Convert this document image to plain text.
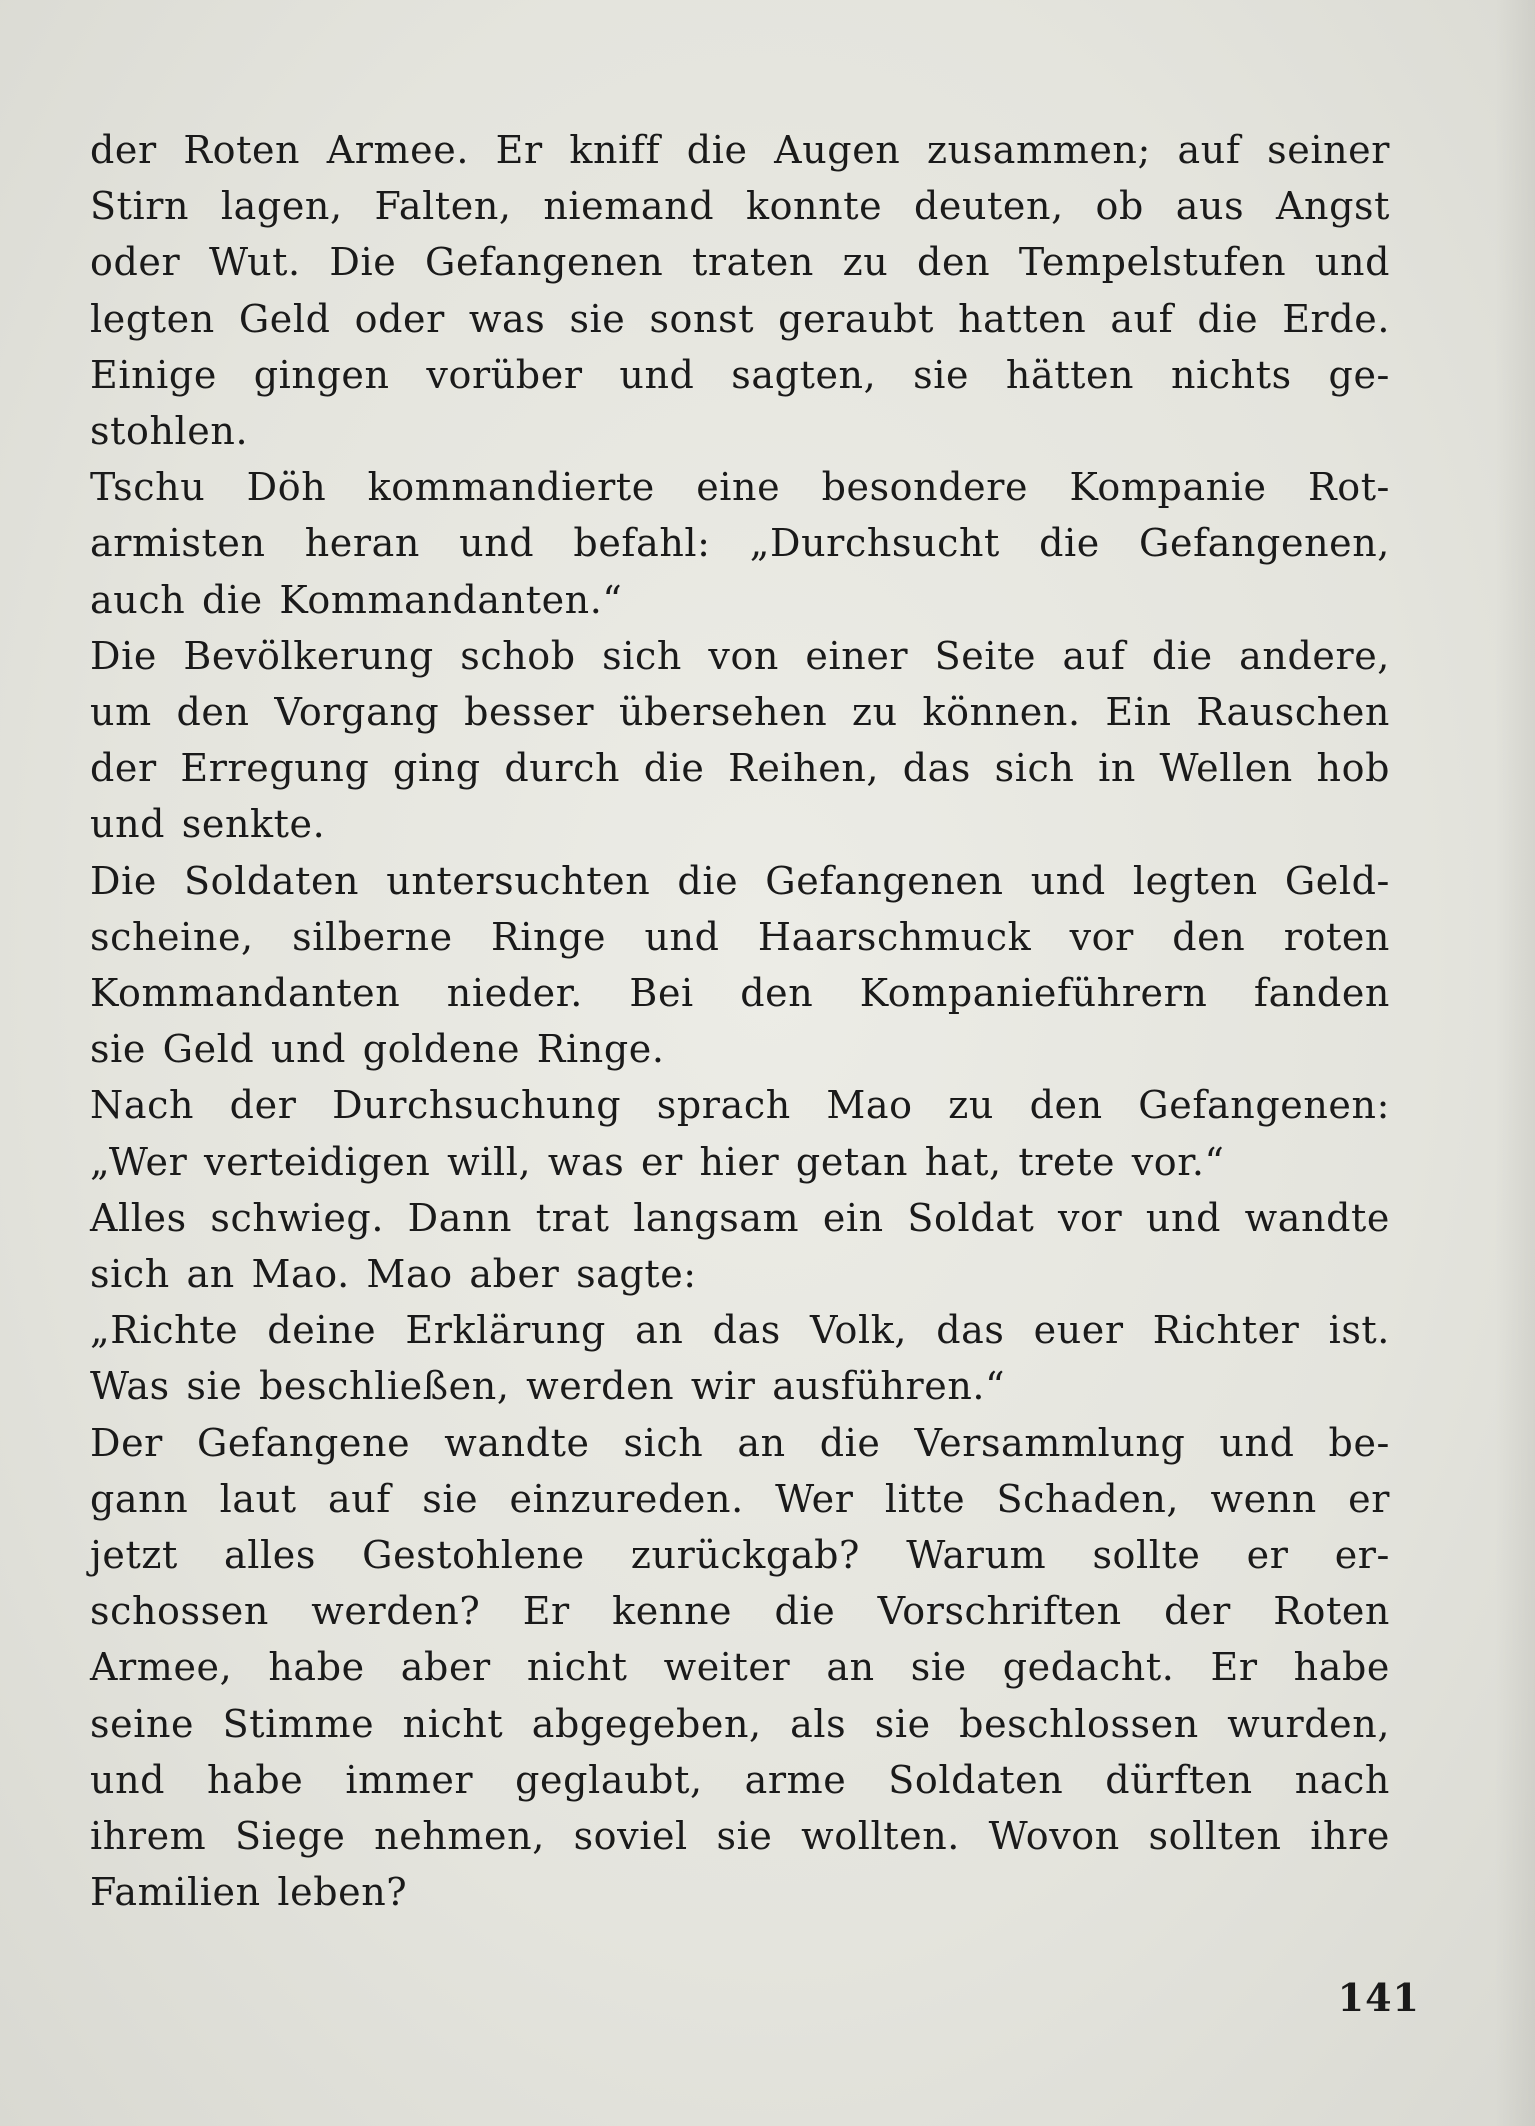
der Roten Armee. Er kniff die Augen zusammen; auf seiner
Stirn lagen, Falten, niemand konnte deuten, ob aus Angst
oder Wut. Die Gefangenen traten zu den Tempelstufen und
legten Geld oder was sie sonst geraubt hatten auf die Erde.
Einige gingen vorüber und sagten, sie hätten nichts ge-
stohlen.

Tschu Döh kommandierte eine besondere Kompanie Rot-
armisten heran und befahl: „Durchsucht die Gefangenen,
auch die Kommandanten.“

Die Bevölkerung schob sich von einer Seite auf die andere,
um den Vorgang besser übersehen zu können. Ein Rauschen
der Erregung ging durch die Reihen, das sich in Wellen hob
und senkte.

Die Soldaten untersuchten die Gefangenen und legten Geld-
scheine, silberne Ringe und Haarschmuck vor den roten
Kommandanten nieder. Bei den Kompanieführern fanden
sie Geld und goldene Ringe.

Nach der Durchsuchung sprach Mao zu den Gefangenen:
„Wer verteidigen will, was er hier getan hat, trete vor.“

Alles schwieg. Dann trat langsam ein Soldat vor und wandte
sich an Mao. Mao aber sagte:

„Richte deine Erklärung an das Volk, das euer Richter ist.
Was sie beschließen, werden wir ausführen.“

Der Gefangene wandte sich an die Versammlung und be-
gann laut auf sie einzureden. Wer litte Schaden, wenn er
jetzt alles Gestohlene zurückgab? Warum sollte er er-
schossen werden? Er kenne die Vorschriften der Roten
Armee, habe aber nicht weiter an sie gedacht. Er habe
seine Stimme nicht abgegeben, als sie beschlossen wurden,
und habe immer geglaubt, arme Soldaten dürften nach
ihrem Siege nehmen, soviel sie wollten. Wovon sollten ihre
Familien leben?

141
